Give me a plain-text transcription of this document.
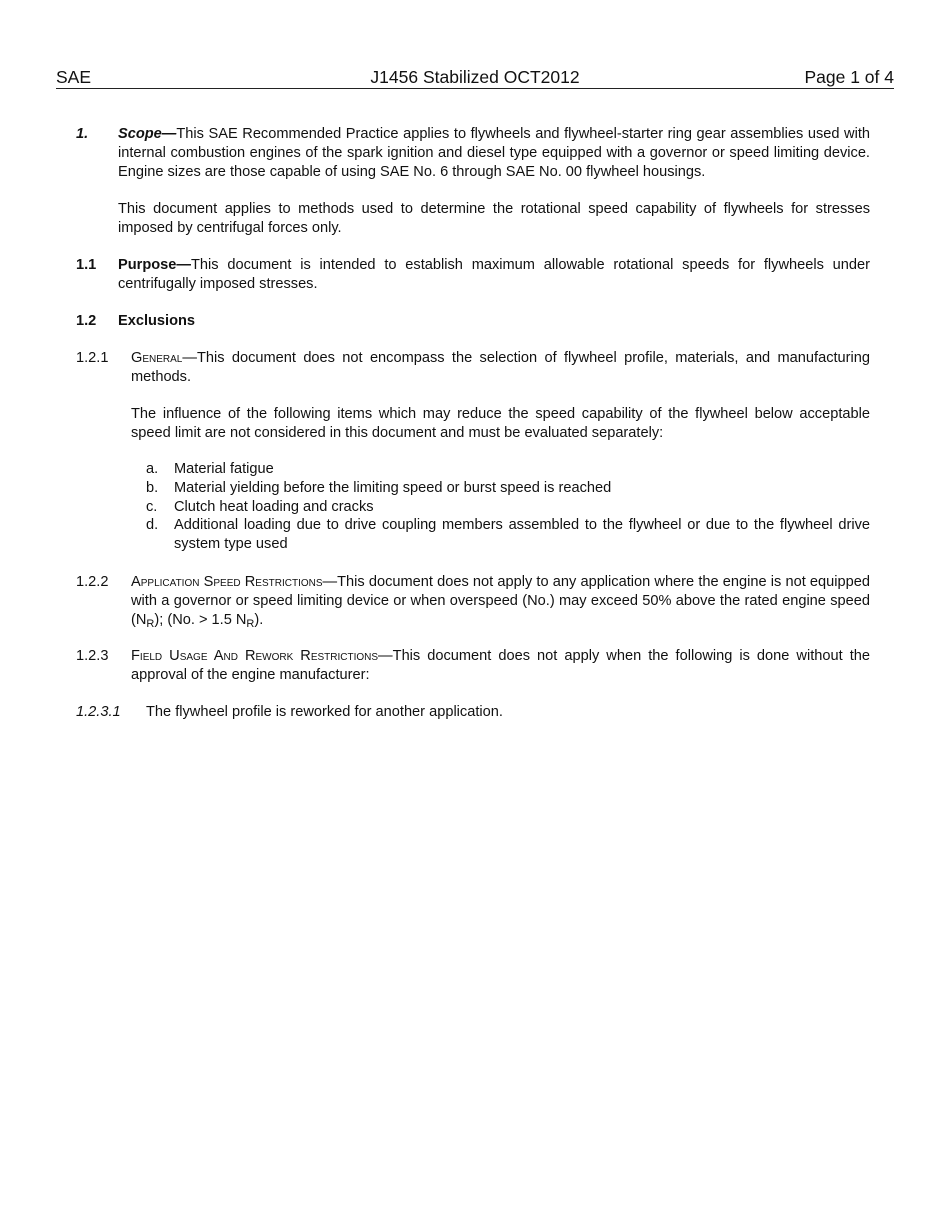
SAE	J1456 Stabilized OCT2012	Page 1 of 4
1. Scope—This SAE Recommended Practice applies to flywheels and flywheel-starter ring gear assemblies used with internal combustion engines of the spark ignition and diesel type equipped with a governor or speed limiting device. Engine sizes are those capable of using SAE No. 6 through SAE No. 00 flywheel housings.

This document applies to methods used to determine the rotational speed capability of flywheels for stresses imposed by centrifugal forces only.

1.1 Purpose—This document is intended to establish maximum allowable rotational speeds for flywheels under centrifugally imposed stresses.

1.2 Exclusions
1.2.1 General—This document does not encompass the selection of flywheel profile, materials, and manufacturing methods.

The influence of the following items which may reduce the speed capability of the flywheel below acceptable speed limit are not considered in this document and must be evaluated separately:

a. Material fatigue

b. Material yielding before the limiting speed or burst speed is reached

c. Clutch heat loading and cracks

d. Additional loading due to drive coupling members assembled to the flywheel or due to the flywheel drive system type used

1.2.2 Application Speed Restrictions—This document does not apply to any application where the engine is not equipped with a governor or speed limiting device or when overspeed (No.) may exceed 50% above the rated engine speed $(N_R)$; (No. > 1.5 $N_R$).

1.2.3 Field Usage And Rework Restrictions—This document does not apply when the following is done without the approval of the engine manufacturer:

1.2.3.1 The flywheel profile is reworked for another application.
